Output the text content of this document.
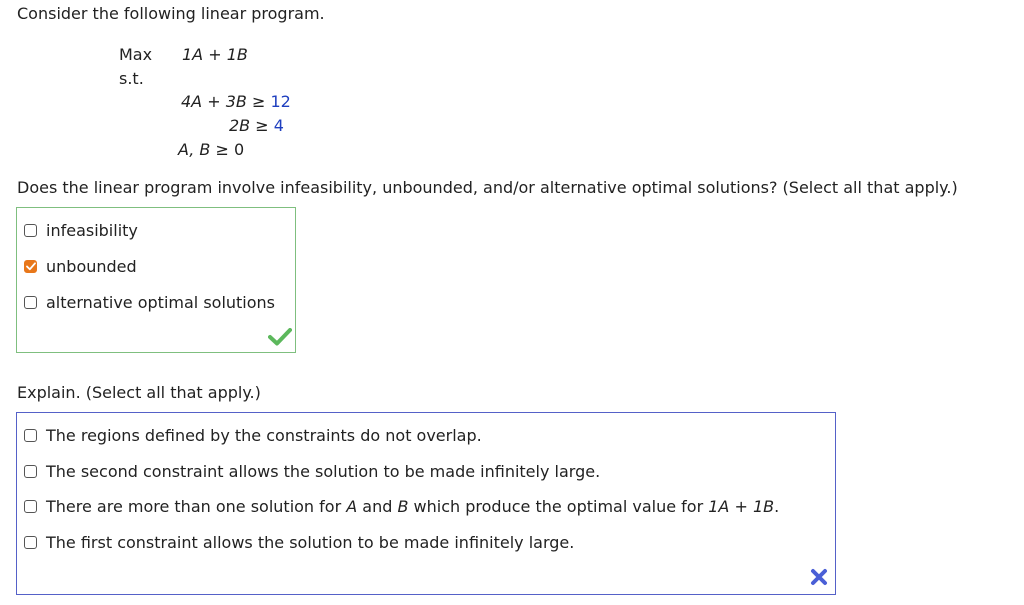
Consider the following linear program.
Max
s.t.
1A + 1B
4A + 3B ≥ 12
2B ≥ 4
A, B ≥ 0
Does the linear program involve infeasibility, unbounded, and/or alternative optimal solutions? (Select all that apply.)
infeasibility
unbounded
alternative optimal solutions
Explain. (Select all that apply.)
The regions defined by the constraints do not overlap.
The second constraint allows the solution to be made infinitely large.
There are more than one solution for A and B which produce the optimal value for 1A + 1B.
The first constraint allows the solution to be made infinitely large.
